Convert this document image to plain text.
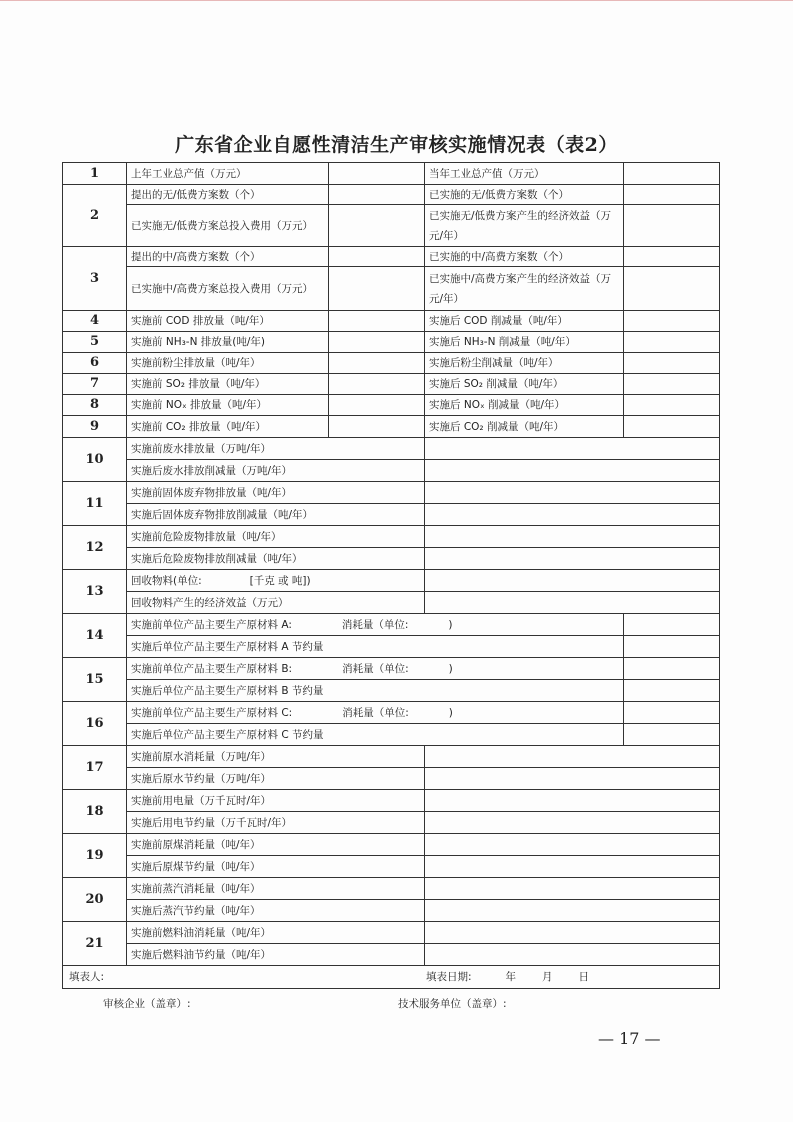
广东省企业自愿性清洁生产审核实施情况表（表2）
1	上年工业总产值（万元）		当年工业总产值（万元）	
2	提出的无/低费方案数（个）		已实施的无/低费方案数（个）	
	已实施无/低费方案总投入费用（万元）		已实施无/低费方案产生的经济效益（万元/年）	
3	提出的中/高费方案数（个）		已实施的中/高费方案数（个）	
	已实施中/高费方案总投入费用（万元）		已实施中/高费方案产生的经济效益（万元/年）	
4	实施前 COD 排放量（吨/年）		实施后 COD 削减量（吨/年）	
5	实施前 NH₃-N 排放量(吨/年)		实施后 NH₃-N 削减量（吨/年）	
6	实施前粉尘排放量（吨/年）		实施后粉尘削减量（吨/年）	
7	实施前 SO₂ 排放量（吨/年）		实施后 SO₂ 削减量（吨/年）	
8	实施前 NOₓ 排放量（吨/年）		实施后 NOₓ 削减量（吨/年）	
9	实施前 CO₂ 排放量（吨/年）		实施后 CO₂ 削减量（吨/年）	
10	实施前废水排放量（万吨/年）			
	实施后废水排放削减量（万吨/年）			
11	实施前固体废弃物排放量（吨/年）			
	实施后固体废弃物排放削减量（吨/年）			
12	实施前危险废物排放量（吨/年）			
	实施后危险废物排放削减量（吨/年）			
13	回收物料(单位: [千克 或 吨])			
	回收物料产生的经济效益（万元）			
14	实施前单位产品主要生产原材料 A: 消耗量（单位: )			
	实施后单位产品主要生产原材料 A 节约量			
15	实施前单位产品主要生产原材料 B: 消耗量（单位: )			
	实施后单位产品主要生产原材料 B 节约量			
16	实施前单位产品主要生产原材料 C: 消耗量（单位: )			
	实施后单位产品主要生产原材料 C 节约量			
17	实施前原水消耗量（万吨/年）			
	实施后原水节约量（万吨/年）			
18	实施前用电量（万千瓦时/年）			
	实施后用电节约量（万千瓦时/年）			
19	实施前原煤消耗量（吨/年）			
	实施后原煤节约量（吨/年）			
20	实施前蒸汽消耗量（吨/年）			
	实施后蒸汽节约量（吨/年）			
21	实施前燃料油消耗量（吨/年）			
	实施后燃料油节约量（吨/年）			

填表人: 填表日期: 年 月 日				
审核企业（盖章）:	技术服务单位（盖章）:
— 17 —
